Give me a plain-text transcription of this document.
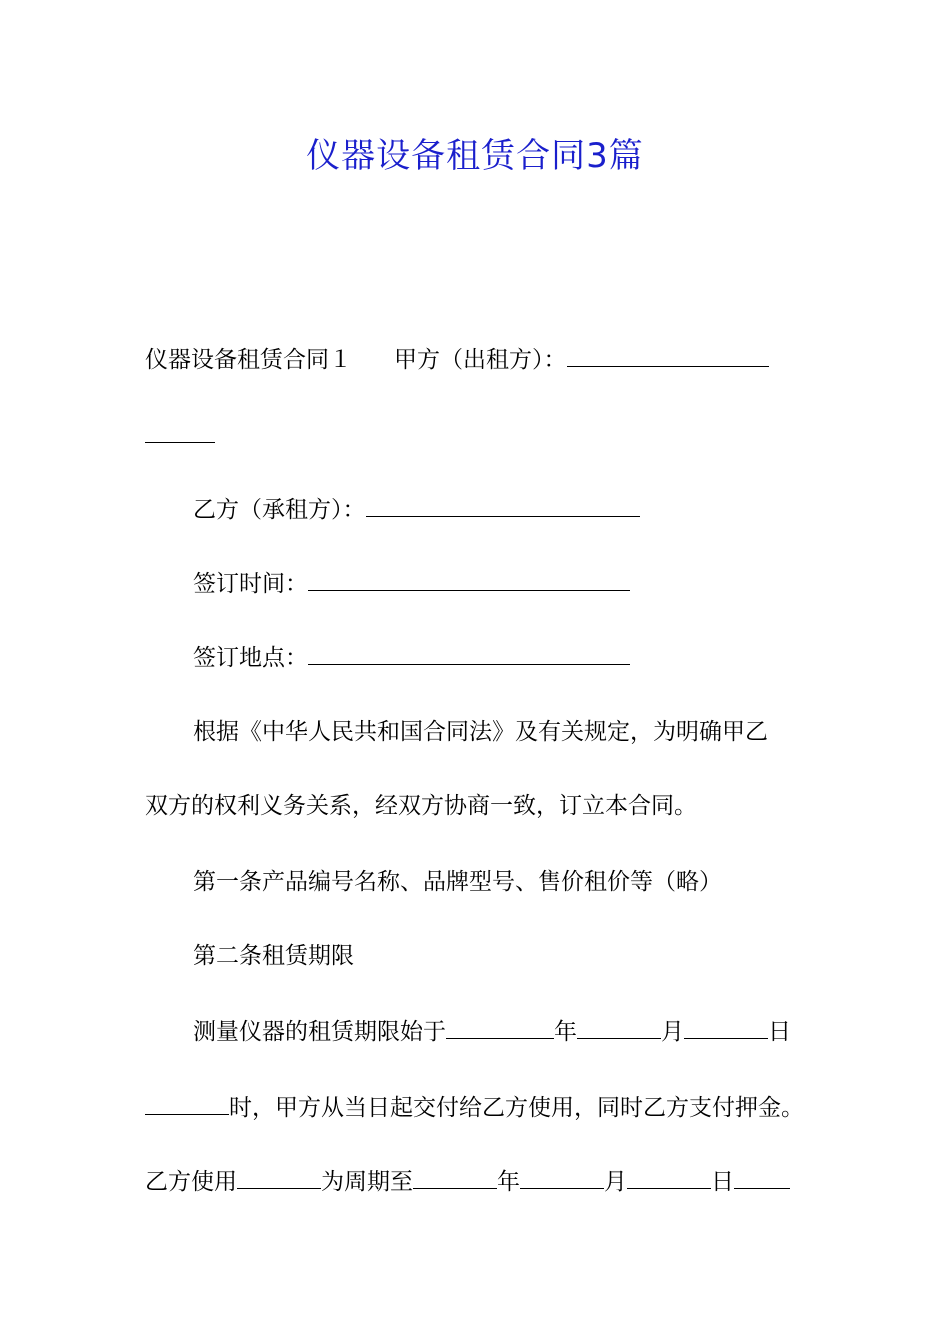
仪器设备租赁合同3篇
仪器设备租赁合同１ 甲方（出租方）：
乙方（承租方）：
签订时间：
签订地点：
根据《中华人民共和国合同法》及有关规定，为明确甲乙
双方的权利义务关系，经双方协商一致，订立本合同。
第一条产品编号名称、品牌型号、售价租价等（略）
第二条租赁期限
测量仪器的租赁期限始于	年	月	日
时，甲方从当日起交付给乙方使用，同时乙方支付押金。
乙方使用	为周期至	年	月	日
